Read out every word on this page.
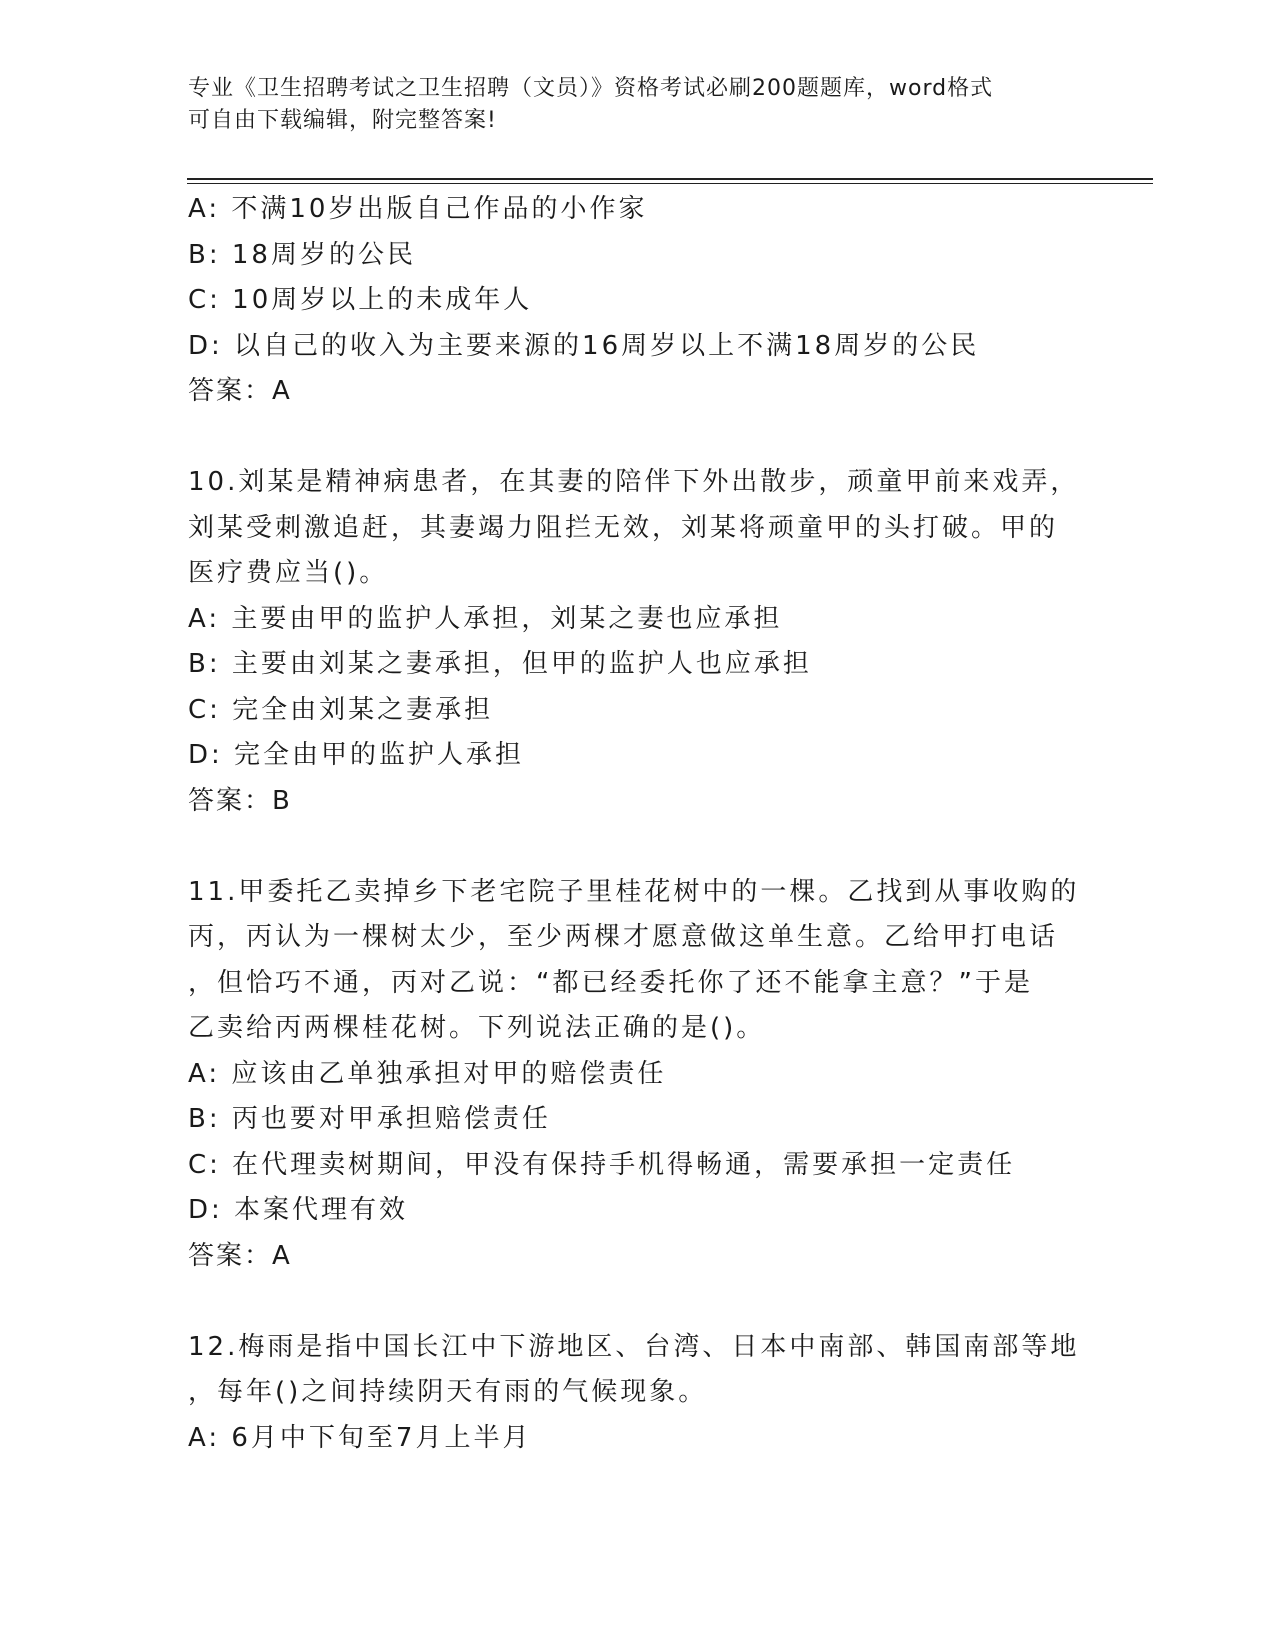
专业《卫生招聘考试之卫生招聘（文员）》资格考试必刷200题题库，word格式
可自由下载编辑，附完整答案!
A: 不满10岁出版自己作品的小作家
B: 18周岁的公民
C: 10周岁以上的未成年人
D: 以自己的收入为主要来源的16周岁以上不满18周岁的公民
答案：A
10.刘某是精神病患者，在其妻的陪伴下外出散步，顽童甲前来戏弄，
刘某受刺激追赶，其妻竭力阻拦无效，刘某将顽童甲的头打破。甲的
医疗费应当()。
A: 主要由甲的监护人承担，刘某之妻也应承担
B: 主要由刘某之妻承担，但甲的监护人也应承担
C: 完全由刘某之妻承担
D: 完全由甲的监护人承担
答案：B
11.甲委托乙卖掉乡下老宅院子里桂花树中的一棵。乙找到从事收购的
丙，丙认为一棵树太少，至少两棵才愿意做这单生意。乙给甲打电话
，但恰巧不通，丙对乙说：“都已经委托你了还不能拿主意？”于是
乙卖给丙两棵桂花树。下列说法正确的是()。
A: 应该由乙单独承担对甲的赔偿责任
B: 丙也要对甲承担赔偿责任
C: 在代理卖树期间，甲没有保持手机得畅通，需要承担一定责任
D: 本案代理有效
答案：A
12.梅雨是指中国长江中下游地区、台湾、日本中南部、韩国南部等地
，每年()之间持续阴天有雨的气候现象。
A: 6月中下旬至7月上半月
